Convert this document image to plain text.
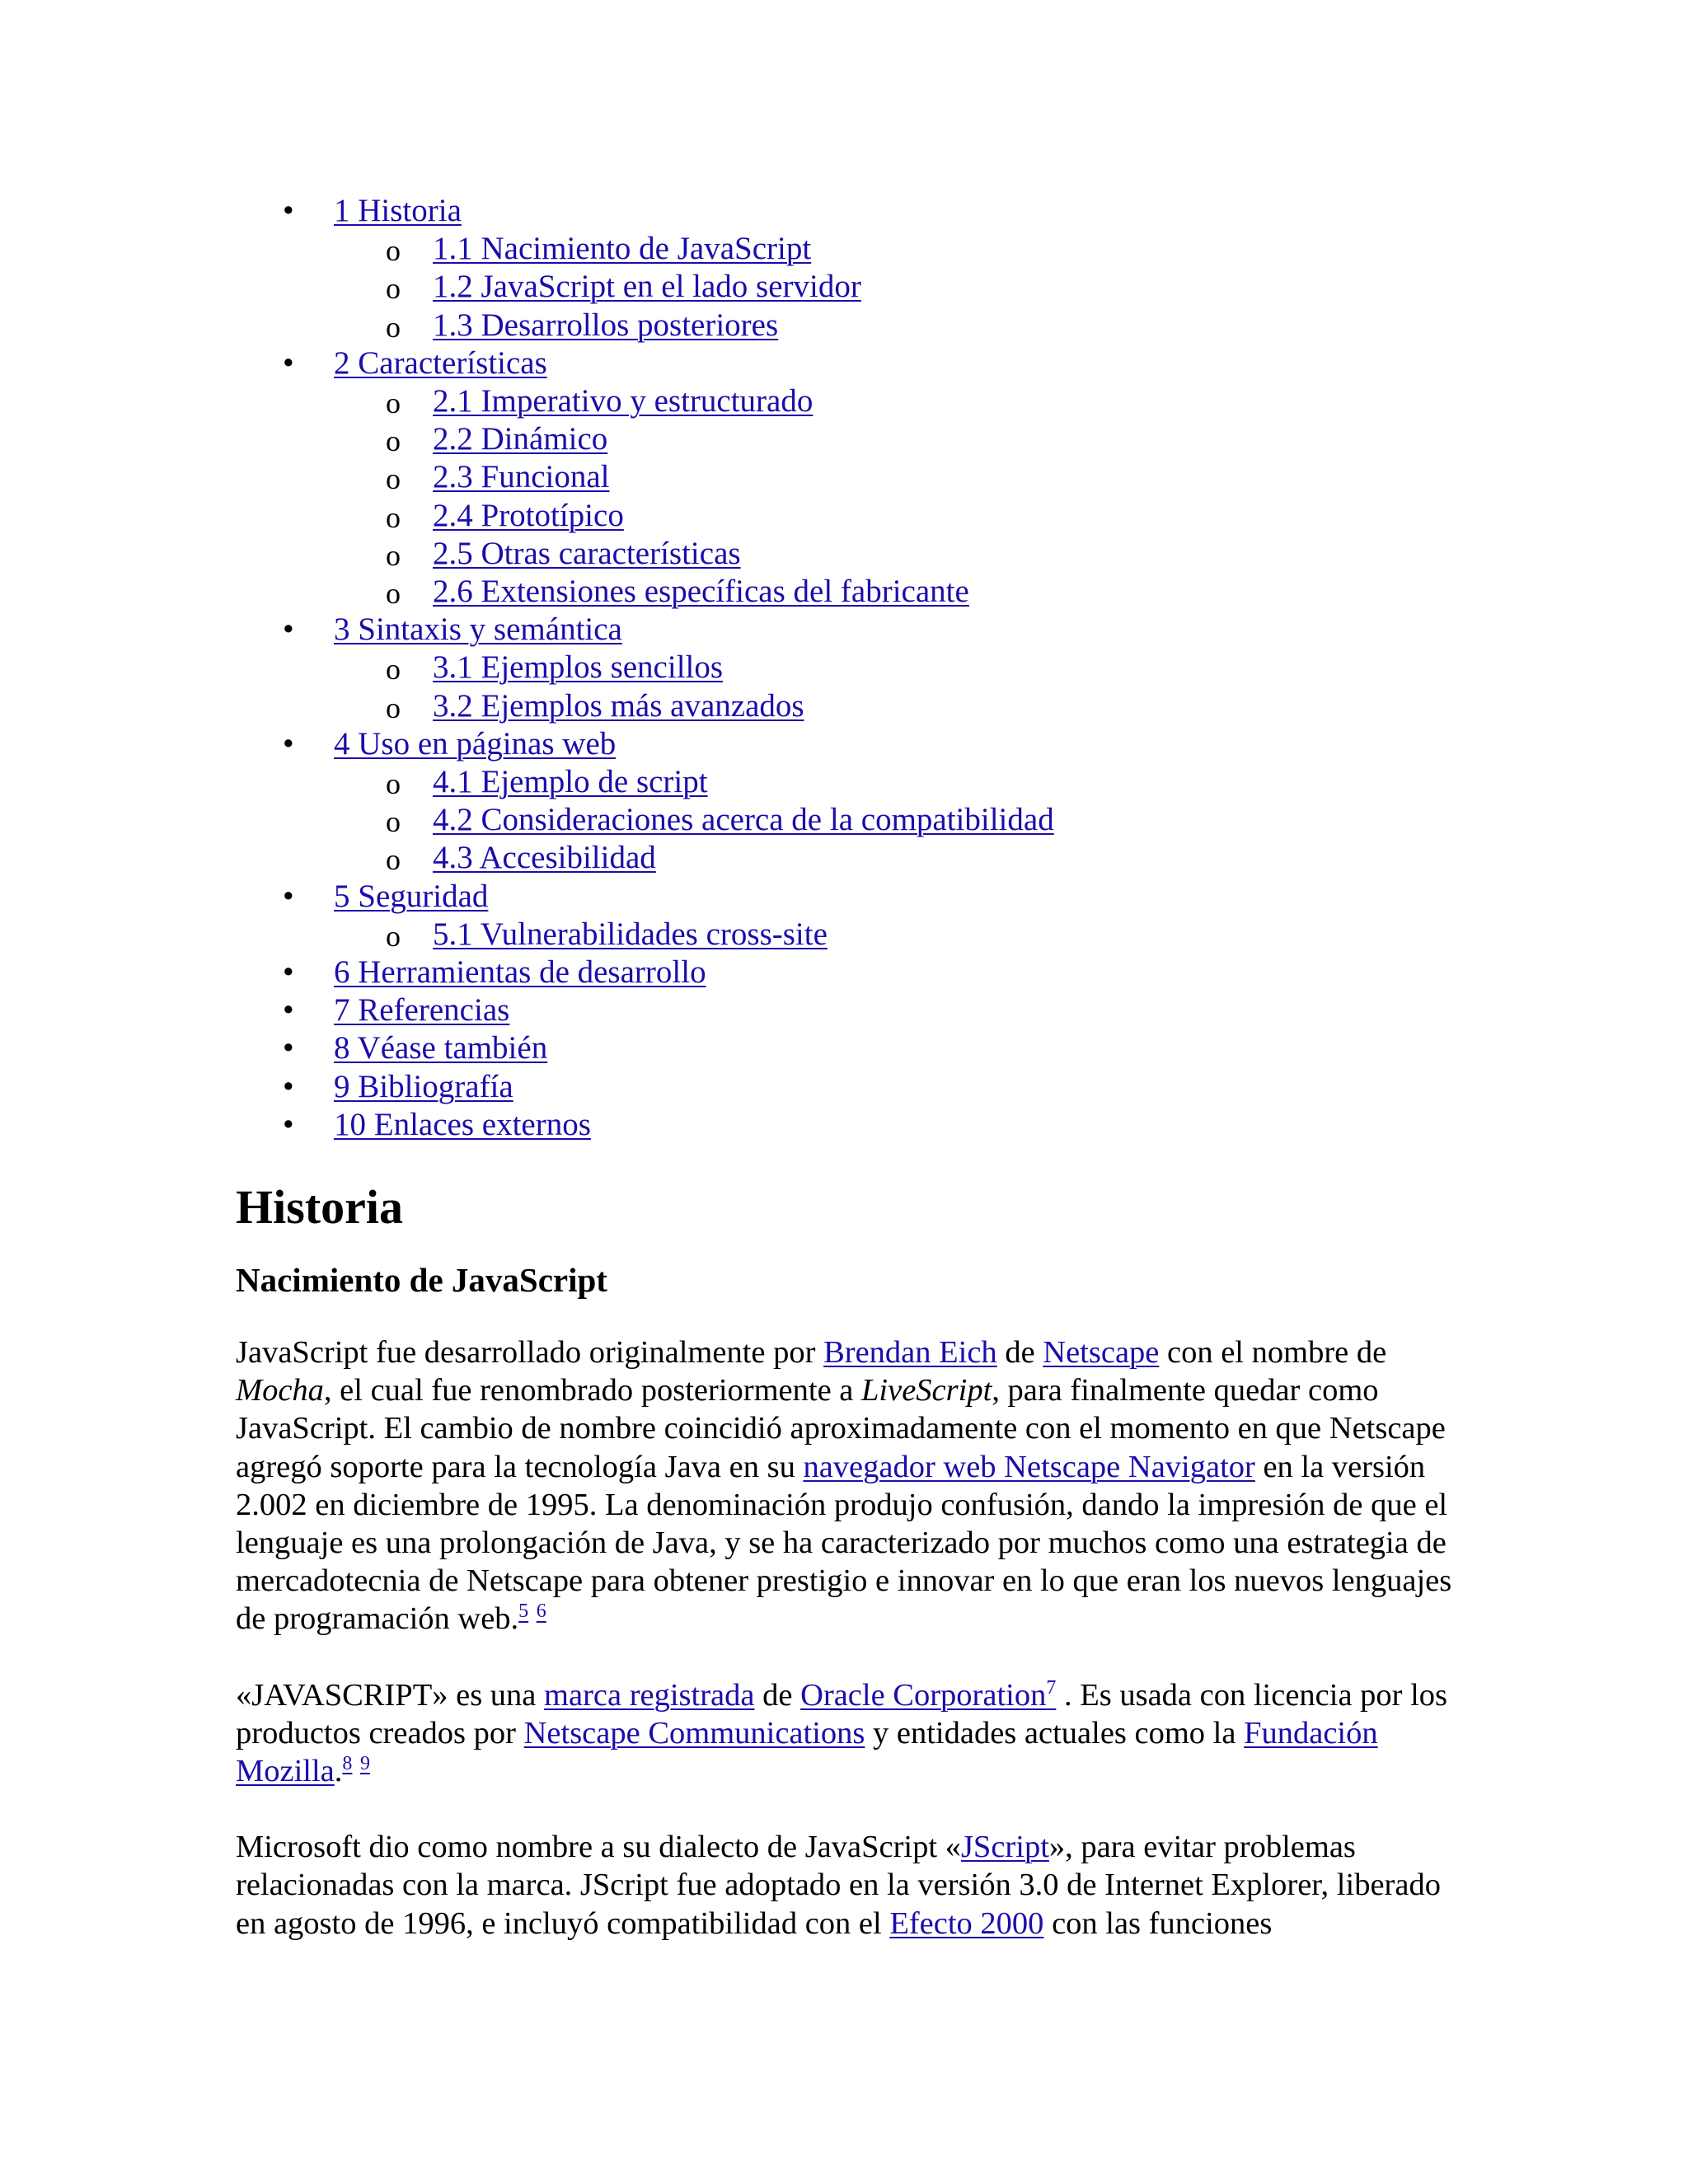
• 1 Historia
o 1.1 Nacimiento de JavaScript
o 1.2 JavaScript en el lado servidor
o 1.3 Desarrollos posteriores
• 2 Características
o 2.1 Imperativo y estructurado
o 2.2 Dinámico
o 2.3 Funcional
o 2.4 Prototípico
o 2.5 Otras características
o 2.6 Extensiones específicas del fabricante
• 3 Sintaxis y semántica
o 3.1 Ejemplos sencillos
o 3.2 Ejemplos más avanzados
• 4 Uso en páginas web
o 4.1 Ejemplo de script
o 4.2 Consideraciones acerca de la compatibilidad
o 4.3 Accesibilidad
• 5 Seguridad
o 5.1 Vulnerabilidades cross-site
• 6 Herramientas de desarrollo
• 7 Referencias
• 8 Véase también
• 9 Bibliografía
• 10 Enlaces externos
Historia
Nacimiento de JavaScript

JavaScript fue desarrollado originalmente por Brendan Eich de Netscape con el nombre de Mocha, el cual fue renombrado posteriormente a LiveScript, para finalmente quedar como JavaScript. El cambio de nombre coincidió aproximadamente con el momento en que Netscape agregó soporte para la tecnología Java en su navegador web Netscape Navigator en la versión 2.002 en diciembre de 1995. La denominación produjo confusión, dando la impresión de que el lenguaje es una prolongación de Java, y se ha caracterizado por muchos como una estrategia de mercadotecnia de Netscape para obtener prestigio e innovar en lo que eran los nuevos lenguajes de programación web.$^5$ $^6$

«JAVASCRIPT» es una marca registrada de Oracle Corporation$^7$ . Es usada con licencia por los productos creados por Netscape Communications y entidades actuales como la Fundación Mozilla.$^8$ $^9$

Microsoft dio como nombre a su dialecto de JavaScript «JScript», para evitar problemas relacionadas con la marca. JScript fue adoptado en la versión 3.0 de Internet Explorer, liberado en agosto de 1996, e incluyó compatibilidad con el Efecto 2000 con las funciones
